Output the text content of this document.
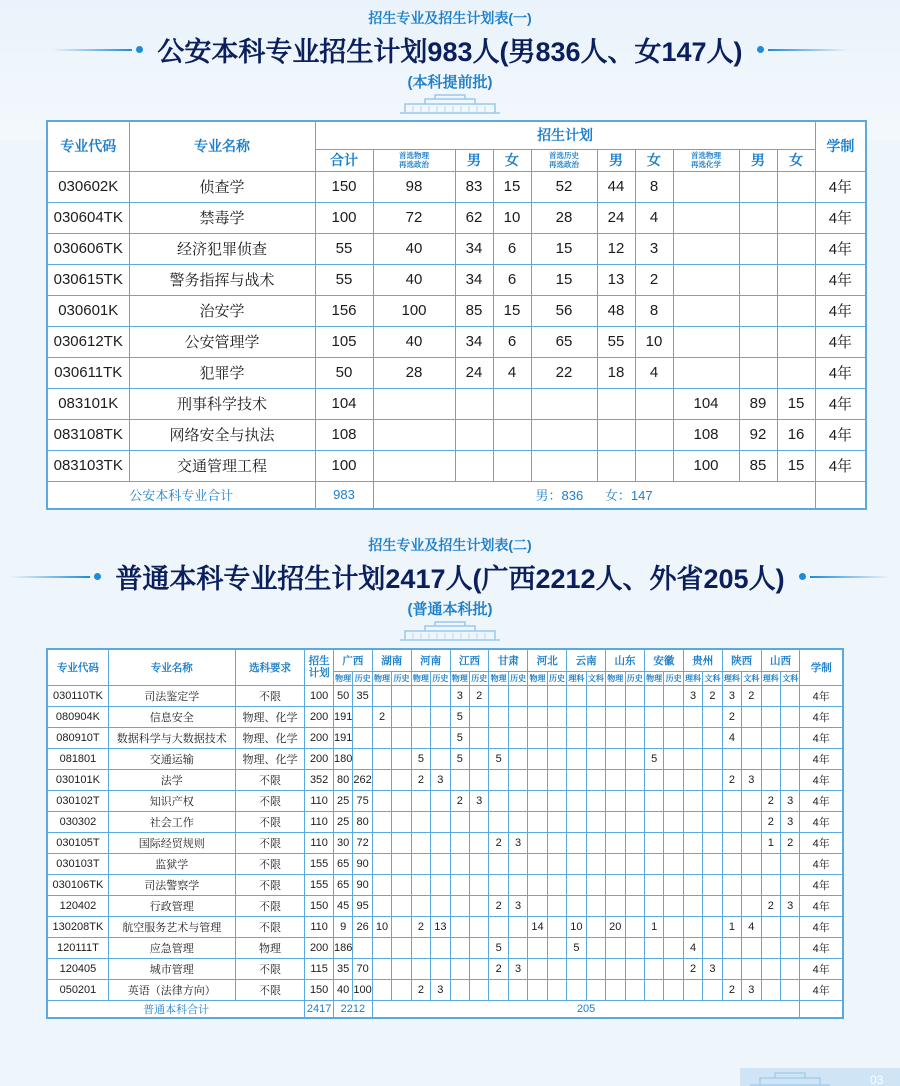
招生专业及招生计划表(一)
公安本科专业招生计划983人(男836人、女147人)
(本科提前批)
专业代码	专业名称	招生计划										学制
		合计	首选物理
再选政治	男	女	首选历史
再选政治	男	女	首选物理
再选化学	男	女	
030602K	侦查学	150	98	83	15	52	44	8				4年
030604TK	禁毒学	100	72	62	10	28	24	4				4年
030606TK	经济犯罪侦查	55	40	34	6	15	12	3				4年
030615TK	警务指挥与战术	55	40	34	6	15	13	2				4年
030601K	治安学	156	100	85	15	56	48	8				4年
030612TK	公安管理学	105	40	34	6	65	55	10				4年
030611TK	犯罪学	50	28	24	4	22	18	4				4年
083101K	刑事科学技术	104							104	89	15	4年
083108TK	网络安全与执法	108							108	92	16	4年
083103TK	交通管理工程	100							100	85	15	4年
公安本科专业合计		983	男：836      女：147									
招生专业及招生计划表(二)
普通本科专业招生计划2417人(广西2212人、外省205人)
(普通本科批)
专业代码	专业名称	选科要求	招生
计划	广西		湖南		河南		江西		甘肃		河北		云南		山东		安徽		贵州		陕西		山西		学制
				物理	历史	物理	历史	物理	历史	物理	历史	物理	历史	物理	历史	理科	文科	物理	历史	物理	历史	理科	文科	理科	文科	理科	文科	
030110TK	司法鉴定学	不限	100	50	35					3	2											3	2	3	2			4年
080904K	信息安全	物理、化学	200	191		2				5														2				4年
080910T	数据科学与大数据技术	物理、化学	200	191						5														4				4年
081801	交通运输	物理、化学	200	180				5		5		5								5								4年
030101K	法学	不限	352	80	262			2	3															2	3			4年
030102T	知识产权	不限	110	25	75					2	3															2	3	4年
030302	社会工作	不限	110	25	80																					2	3	4年
030105T	国际经贸规则	不限	110	30	72							2	3													1	2	4年
030103T	监狱学	不限	155	65	90																							4年
030106TK	司法警察学	不限	155	65	90																							4年
120402	行政管理	不限	150	45	95							2	3													2	3	4年
130208TK	航空服务艺术与管理	不限	110	9	26	10		2	13					14		10		20		1				1	4			4年
120111T	应急管理	物理	200	186								5				5						4						4年
120405	城市管理	不限	115	35	70							2	3									2	3					4年
050201	英语（法律方向）	不限	150	40	100			2	3															2	3			4年
普通本科合计			2417	2212		205																						
03
